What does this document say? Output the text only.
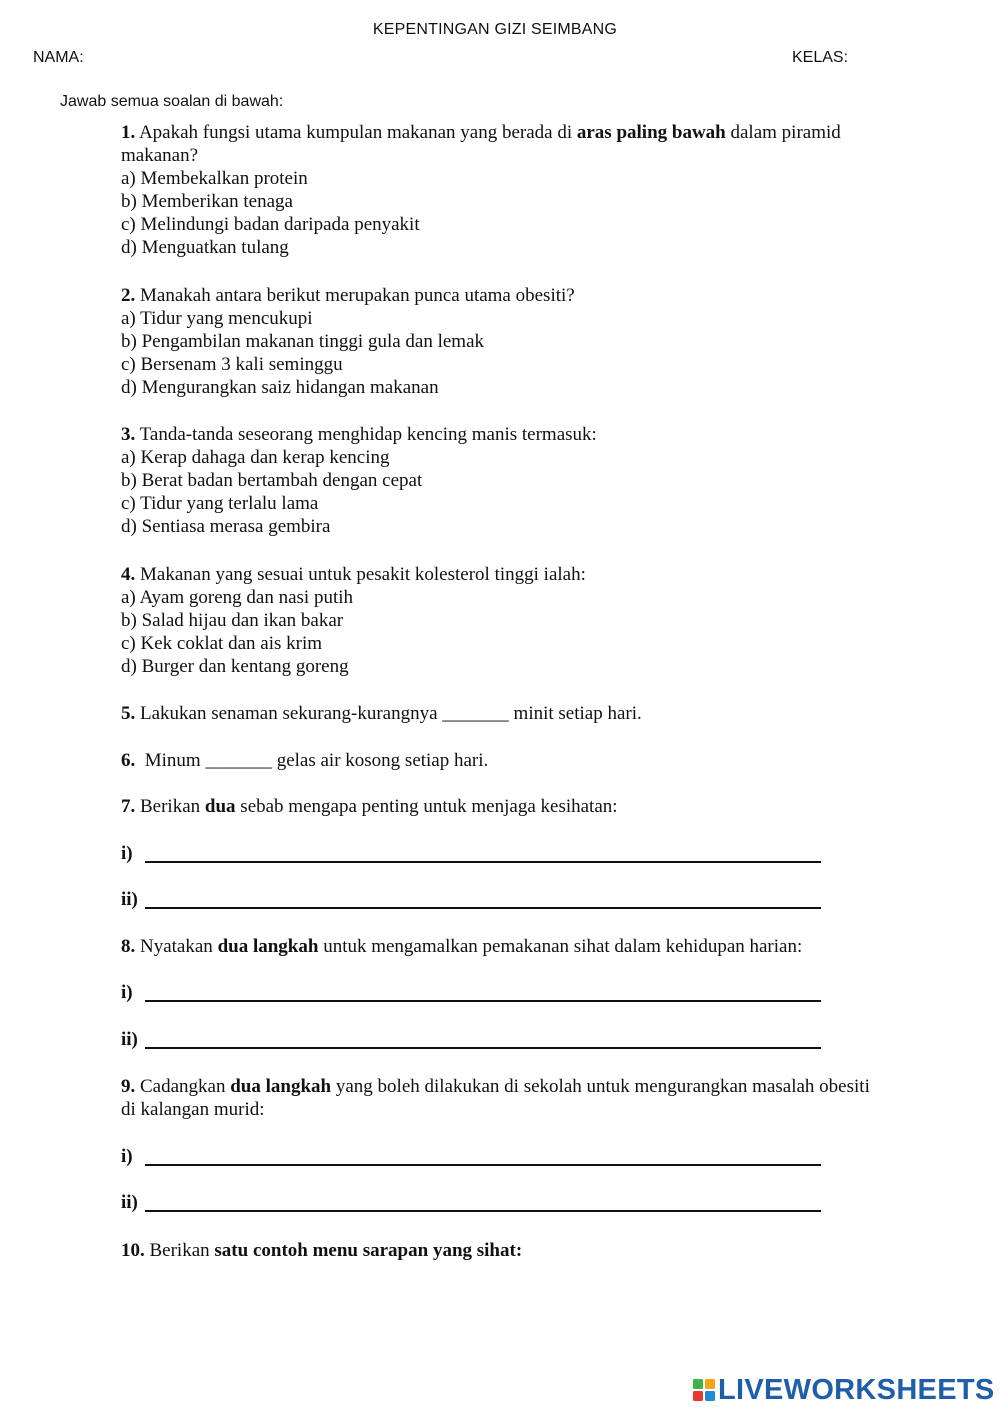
KEPENTINGAN GIZI SEIMBANG
NAMA:	KELAS:
Jawab semua soalan di bawah:
1. Apakah fungsi utama kumpulan makanan yang berada di aras paling bawah dalam piramid makanan?
a) Membekalkan protein
b) Memberikan tenaga
c) Melindungi badan daripada penyakit
d) Menguatkan tulang
2. Manakah antara berikut merupakan punca utama obesiti?
a) Tidur yang mencukupi
b) Pengambilan makanan tinggi gula dan lemak
c) Bersenam 3 kali seminggu
d) Mengurangkan saiz hidangan makanan
3. Tanda-tanda seseorang menghidap kencing manis termasuk:
a) Kerap dahaga dan kerap kencing
b) Berat badan bertambah dengan cepat
c) Tidur yang terlalu lama
d) Sentiasa merasa gembira
4. Makanan yang sesuai untuk pesakit kolesterol tinggi ialah:
a) Ayam goreng dan nasi putih
b) Salad hijau dan ikan bakar
c) Kek coklat dan ais krim
d) Burger dan kentang goreng
5. Lakukan senaman sekurang-kurangnya _______ minit setiap hari.
6.  Minum _______ gelas air kosong setiap hari.
7. Berikan dua sebab mengapa penting untuk menjaga kesihatan:
i)
ii)
8. Nyatakan dua langkah untuk mengamalkan pemakanan sihat dalam kehidupan harian:
i)
ii)
9. Cadangkan dua langkah yang boleh dilakukan di sekolah untuk mengurangkan masalah obesiti di kalangan murid:
i)
ii)
10. Berikan satu contoh menu sarapan yang sihat:
LIVEWORKSHEETS
